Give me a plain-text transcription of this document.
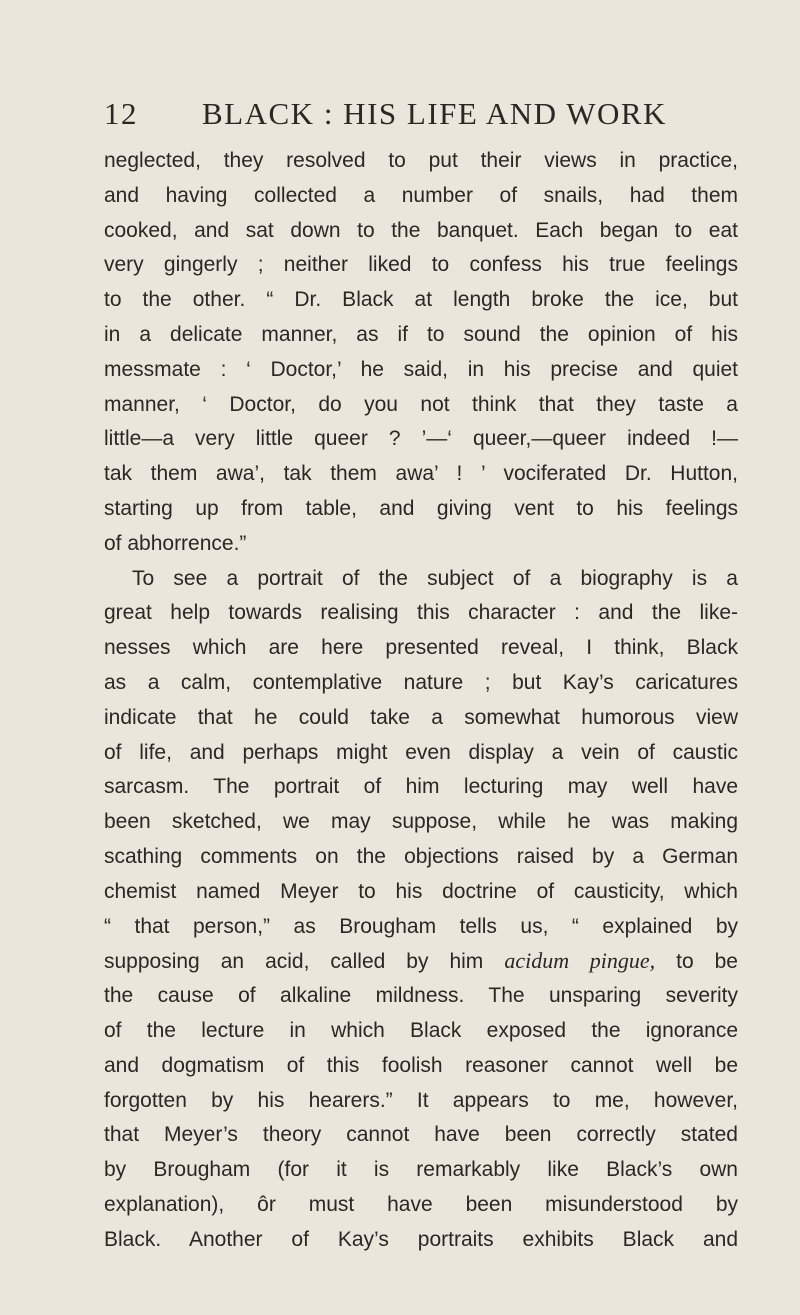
12 BLACK : HIS LIFE AND WORK
neglected, they resolved to put their views in practice,
and having collected a number of snails, had them
cooked, and sat down to the banquet. Each began to eat
very gingerly ; neither liked to confess his true feelings
to the other. “ Dr. Black at length broke the ice, but
in a delicate manner, as if to sound the opinion of his
messmate : ‘ Doctor,’ he said, in his precise and quiet
manner, ‘ Doctor, do you not think that they taste a
little—a very little queer ? ’—‘ queer,—queer indeed !—
tak them awa’, tak them awa’ ! ’ vociferated Dr. Hutton,
starting up from table, and giving vent to his feelings
of abhorrence.”
To see a portrait of the subject of a biography is a
great help towards realising this character : and the like-
nesses which are here presented reveal, I think, Black
as a calm, contemplative nature ; but Kay’s caricatures
indicate that he could take a somewhat humorous view
of life, and perhaps might even display a vein of caustic
sarcasm. The portrait of him lecturing may well have
been sketched, we may suppose, while he was making
scathing comments on the objections raised by a German
chemist named Meyer to his doctrine of causticity, which
“ that person,” as Brougham tells us, “ explained by
supposing an acid, called by him acidum pingue, to be
the cause of alkaline mildness. The unsparing severity
of the lecture in which Black exposed the ignorance
and dogmatism of this foolish reasoner cannot well be
forgotten by his hearers.” It appears to me, however,
that Meyer’s theory cannot have been correctly stated
by Brougham (for it is remarkably like Black’s own
explanation), ôr must have been misunderstood by
Black. Another of Kay’s portraits exhibits Black and
